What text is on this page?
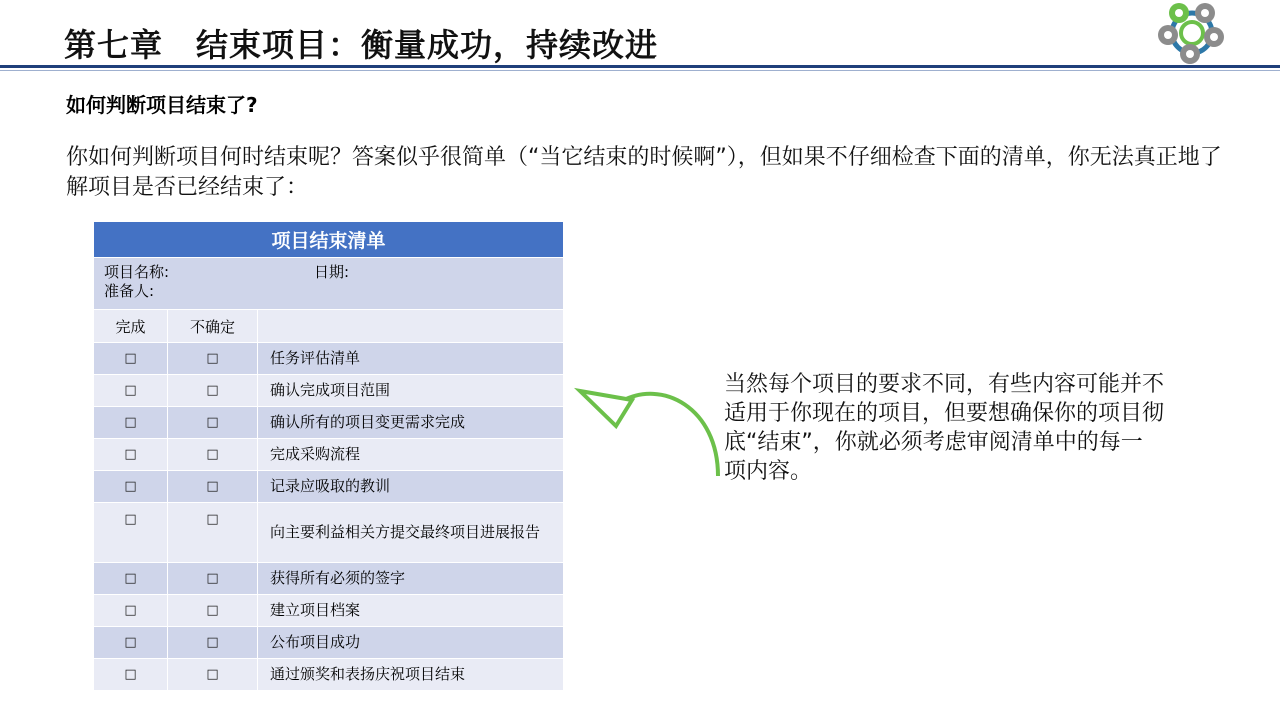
第七章　结束项目：衡量成功，持续改进
如何判断项目结束了?
你如何判断项目何时结束呢？答案似乎很简单（“当它结束的时候啊”），但如果不仔细检查下面的清单，你无法真正地了解项目是否已经结束了：
项目结束清单		

项目名称:
准备人:
日期:		

完成	不确定	
□	□	任务评估清单
□	□	确认完成项目范围
□	□	确认所有的项目变更需求完成
□	□	完成采购流程
□	□	记录应吸取的教训
□	□	向主要利益相关方提交最终项目进展报告
□	□	获得所有必须的签字
□	□	建立项目档案
□	□	公布项目成功
□	□	通过颁奖和表扬庆祝项目结束
当然每个项目的要求不同，有些内容可能并不适用于你现在的项目，但要想确保你的项目彻底“结束”，你就必须考虑审阅清单中的每一项内容。
